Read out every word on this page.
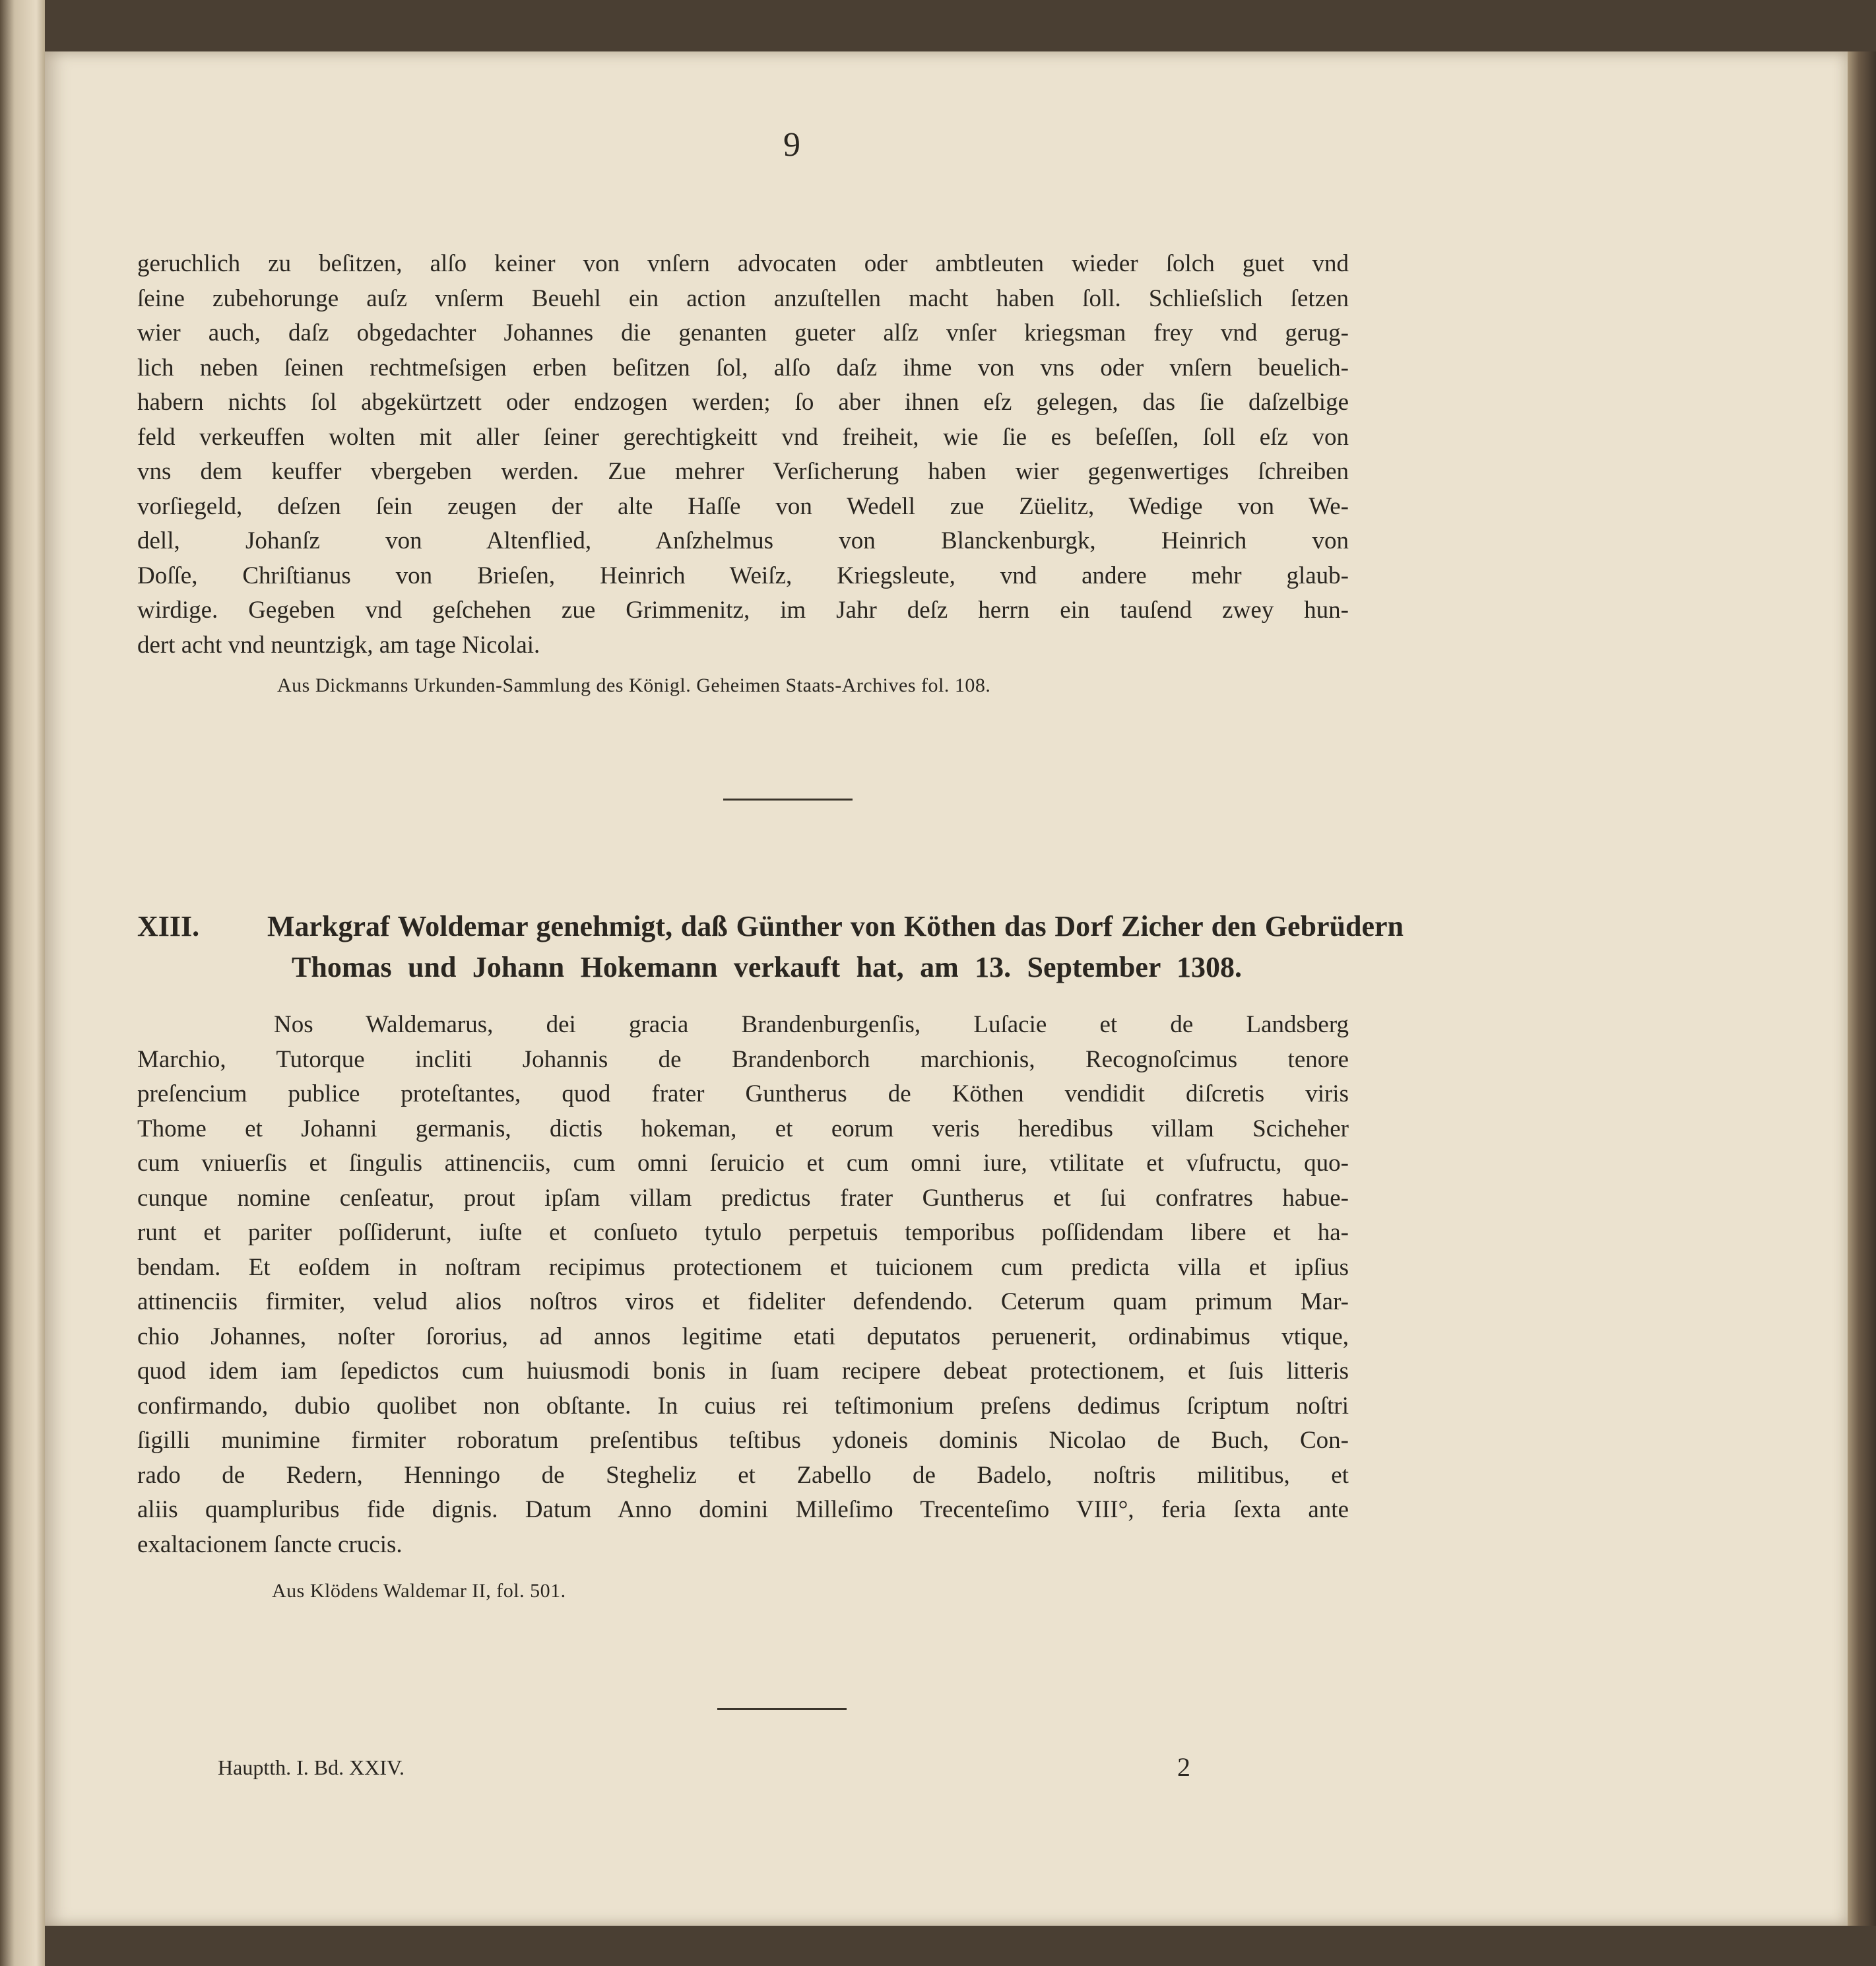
9
geruchlich zu beſitzen, alſo keiner von vnſern advocaten oder ambtleuten wieder ſolch guet vnd
ſeine zubehorunge auſz vnſerm Beuehl ein action anzuſtellen macht haben ſoll. Schlieſslich ſetzen
wier auch, daſz obgedachter Johannes die genanten gueter alſz vnſer kriegsman frey vnd gerug-
lich neben ſeinen rechtmeſsigen erben beſitzen ſol, alſo daſz ihme von vns oder vnſern beuelich-
habern nichts ſol abgekürtzett oder endzogen werden; ſo aber ihnen eſz gelegen, das ſie daſzelbige
feld verkeuffen wolten mit aller ſeiner gerechtigkeitt vnd freiheit, wie ſie es beſeſſen, ſoll eſz von
vns dem keuffer vbergeben werden. Zue mehrer Verſicherung haben wier gegenwertiges ſchreiben
vorſiegeld, deſzen ſein zeugen der alte Haſſe von Wedell zue Züelitz, Wedige von We-
dell, Johanſz von Altenflied, Anſzhelmus von Blanckenburgk, Heinrich von
Doſſe, Chriſtianus von Brieſen, Heinrich Weiſz, Kriegsleute, vnd andere mehr glaub-
wirdige. Gegeben vnd geſchehen zue Grimmenitz, im Jahr deſz herrn ein tauſend zwey hun-
dert acht vnd neuntzigk, am tage Nicolai.
Aus Dickmanns Urkunden-Sammlung des Königl. Geheimen Staats-Archives fol. 108.
XIII. Markgraf Woldemar genehmigt, daß Günther von Köthen das Dorf Zicher den Gebrüdern
Thomas und Johann Hokemann verkauft hat, am 13. September 1308.
Nos Waldemarus, dei gracia Brandenburgenſis, Luſacie et de Landsberg
Marchio, Tutorque incliti Johannis de Brandenborch marchionis, Recognoſcimus tenore
preſencium publice proteſtantes, quod frater Guntherus de Köthen vendidit diſcretis viris
Thome et Johanni germanis, dictis hokeman, et eorum veris heredibus villam Scicheher
cum vniuerſis et ſingulis attinenciis, cum omni ſeruicio et cum omni iure, vtilitate et vſufructu, quo-
cunque nomine cenſeatur, prout ipſam villam predictus frater Guntherus et ſui confratres habue-
runt et pariter poſſiderunt, iuſte et conſueto tytulo perpetuis temporibus poſſidendam libere et ha-
bendam. Et eoſdem in noſtram recipimus protectionem et tuicionem cum predicta villa et ipſius
attinenciis firmiter, velud alios noſtros viros et fideliter defendendo. Ceterum quam primum Mar-
chio Johannes, noſter ſororius, ad annos legitime etati deputatos peruenerit, ordinabimus vtique,
quod idem iam ſepedictos cum huiusmodi bonis in ſuam recipere debeat protectionem, et ſuis litteris
confirmando, dubio quolibet non obſtante. In cuius rei teſtimonium preſens dedimus ſcriptum noſtri
ſigilli munimine firmiter roboratum preſentibus teſtibus ydoneis dominis Nicolao de Buch, Con-
rado de Redern, Henningo de Stegheliz et Zabello de Badelo, noſtris militibus, et
aliis quampluribus fide dignis. Datum Anno domini Milleſimo Trecenteſimo VIII°, feria ſexta ante
exaltacionem ſancte crucis.
Aus Klödens Waldemar II, fol. 501.
Hauptth. I. Bd. XXIV.	2
